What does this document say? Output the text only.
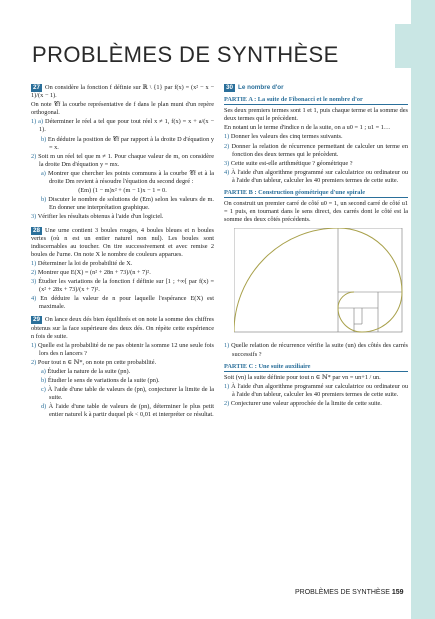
PROBLÈMES DE SYNTHÈSE

27 On considère la fonction f définie sur ℝ \ {1} par f(x) = (x² − x − 1)/(x − 1).

On note 𝒞f la courbe représentative de f dans le plan muni d'un repère orthogonal.

1) a) Déterminer le réel a tel que pour tout réel x ≠ 1, f(x) = x + a/(x − 1).

b) En déduire la position de 𝒞f par rapport à la droite D d'équation y = x.

2) Soit m un réel tel que m ≠ 1. Pour chaque valeur de m, on considère la droite Dm d'équation y = mx.

a) Montrer que chercher les points communs à la courbe 𝒞f et à la droite Dm revient à résoudre l'équation du second degré :

(Em) (1 − m)x² + (m − 1)x − 1 = 0.

b) Discuter le nombre de solutions de (Em) selon les valeurs de m. En donner une interprétation graphique.

3) Vérifier les résultats obtenus à l'aide d'un logiciel.

28 Une urne contient 3 boules rouges, 4 boules bleues et n boules vertes (où n est un entier naturel non nul). Les boules sont indiscernables au toucher. On tire successivement et avec remise 2 boules de l'urne. On note X le nombre de couleurs apparues.

1) Déterminer la loi de probabilité de X.

2) Montrer que E(X) = (n² + 28n + 73)/(n + 7)².

3) Étudier les variations de la fonction f définie sur [1 ; +∞[ par f(x) = (x² + 28x + 73)/(x + 7)².

4) En déduire la valeur de n pour laquelle l'espérance E(X) est maximale.

29 On lance deux dés bien équilibrés et on note la somme des chiffres obtenus sur la face supérieure des deux dés. On répète cette expérience n fois de suite.

1) Quelle est la probabilité de ne pas obtenir la somme 12 une seule fois lors des n lancers ?

2) Pour tout n ∈ ℕ*, on note pn cette probabilité.

a) Étudier la nature de la suite (pn).

b) Étudier le sens de variations de la suite (pn).

c) À l'aide d'une table de valeurs de (pn), conjecturer la limite de la suite.

d) À l'aide d'une table de valeurs de (pn), déterminer le plus petit entier naturel k à partir duquel pk < 0,01 et interpréter ce résultat.

30 Le nombre d'or

PARTIE A : La suite de Fibonacci et le nombre d'or

Ses deux premiers termes sont 1 et 1, puis chaque terme et la somme des deux termes qui le précèdent.

En notant un le terme d'indice n de la suite, on a u0 = 1 ; u1 = 1…

1) Donner les valeurs des cinq termes suivants.

2) Donner la relation de récurrence permettant de calculer un terme en fonction des deux termes qui le précèdent.

3) Cette suite est-elle arithmétique ? géométrique ?

4) À l'aide d'un algorithme programmé sur calculatrice ou ordinateur ou à l'aide d'un tableur, calculer les 40 premiers termes de cette suite.

PARTIE B : Construction géométrique d'une spirale

On construit un premier carré de côté u0 = 1, un second carré de côté u1 = 1 puis, en tournant dans le sens direct, des carrés dont le côté est la somme des deux côtés précédents.

1) Quelle relation de récurrence vérifie la suite (un) des côtés des carrés successifs ?

PARTIE C : Une suite auxiliaire

Soit (vn) la suite définie pour tout n ∈ ℕ* par vn = un+1 / un.

1) À l'aide d'un algorithme programmé sur calculatrice ou ordinateur ou à l'aide d'un tableur, calculer les 40 premiers termes de cette suite.

2) Conjecturer une valeur approchée de la limite de cette suite.

PROBLÈMES DE SYNTHÈSE 159
